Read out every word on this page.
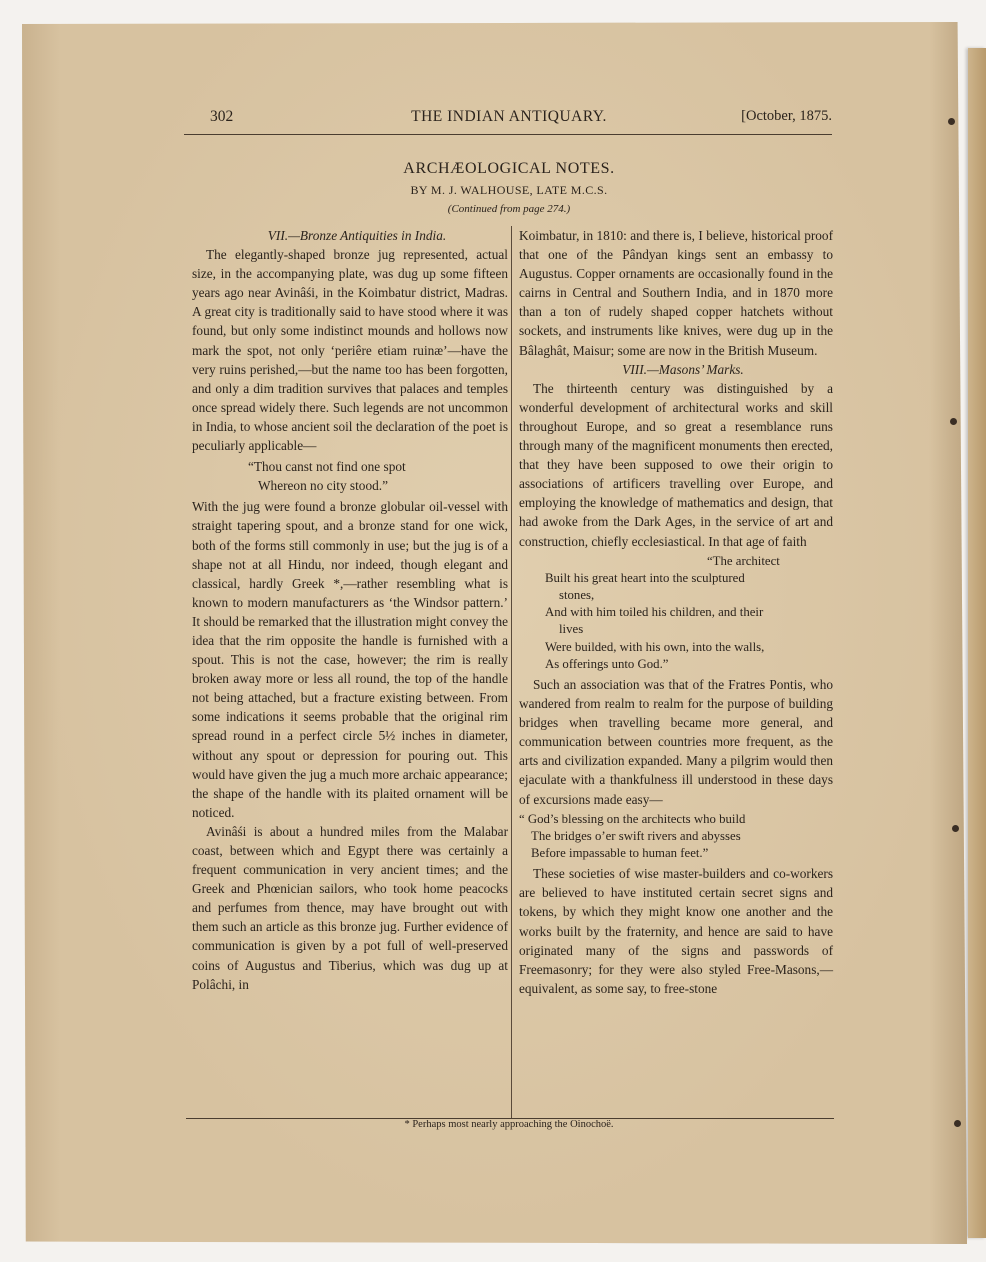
302	THE INDIAN ANTIQUARY.	[October, 1875.
ARCHÆOLOGICAL NOTES.
BY M. J. WALHOUSE, LATE M.C.S.
(Continued from page 274.)

VII.—Bronze Antiquities in India.

The elegantly-shaped bronze jug represented, actual size, in the accompanying plate, was dug up some fifteen years ago near Avinâśi, in the Koimbatur district, Madras. A great city is traditionally said to have stood where it was found, but only some indistinct mounds and hollows now mark the spot, not only ‘periêre etiam ruinæ’—have the very ruins perished,—but the name too has been forgotten, and only a dim tradition survives that palaces and temples once spread widely there. Such legends are not uncommon in India, to whose ancient soil the declaration of the poet is peculiarly applicable—

“Thou canst not find one spot
Whereon no city stood.”

With the jug were found a bronze globular oil-vessel with straight tapering spout, and a bronze stand for one wick, both of the forms still commonly in use; but the jug is of a shape not at all Hindu, nor indeed, though elegant and classical, hardly Greek *,—rather resembling what is known to modern manufacturers as ‘the Windsor pattern.’ It should be remarked that the illustration might convey the idea that the rim opposite the handle is furnished with a spout. This is not the case, however; the rim is really broken away more or less all round, the top of the handle not being attached, but a fracture existing between. From some indications it seems probable that the original rim spread round in a perfect circle 5½ inches in diameter, without any spout or depression for pouring out. This would have given the jug a much more archaic appearance; the shape of the handle with its plaited ornament will be noticed.

Avinâśi is about a hundred miles from the Malabar coast, between which and Egypt there was certainly a frequent communication in very ancient times; and the Greek and Phœnician sailors, who took home peacocks and perfumes from thence, may have brought out with them such an article as this bronze jug. Further evidence of communication is given by a pot full of well-preserved coins of Augustus and Tiberius, which was dug up at Polâchi, in

Koimbatur, in 1810: and there is, I believe, historical proof that one of the Pândyan kings sent an embassy to Augustus. Copper ornaments are occasionally found in the cairns in Central and Southern India, and in 1870 more than a ton of rudely shaped copper hatchets without sockets, and instruments like knives, were dug up in the Bâlaghât, Maisur; some are now in the British Museum.

VIII.—Masons’ Marks.

The thirteenth century was distinguished by a wonderful development of architectural works and skill throughout Europe, and so great a resemblance runs through many of the magnificent monuments then erected, that they have been supposed to owe their origin to associations of artificers travelling over Europe, and employing the knowledge of mathematics and design, that had awoke from the Dark Ages, in the service of art and construction, chiefly ecclesiastical. In that age of faith

“The architect
Built his great heart into the sculptured
stones,
And with him toiled his children, and their
lives
Were builded, with his own, into the walls,
As offerings unto God.”

Such an association was that of the Fratres Pontis, who wandered from realm to realm for the purpose of building bridges when travelling became more general, and communication between countries more frequent, as the arts and civilization expanded. Many a pilgrim would then ejaculate with a thankfulness ill understood in these days of excursions made easy—

“ God’s blessing on the architects who build
The bridges o’er swift rivers and abysses
Before impassable to human feet.”

These societies of wise master-builders and co-workers are believed to have instituted certain secret signs and tokens, by which they might know one another and the works built by the fraternity, and hence are said to have originated many of the signs and passwords of Freemasonry; for they were also styled Free-Masons,—equivalent, as some say, to free-stone

* Perhaps most nearly approaching the Oinochoë.
